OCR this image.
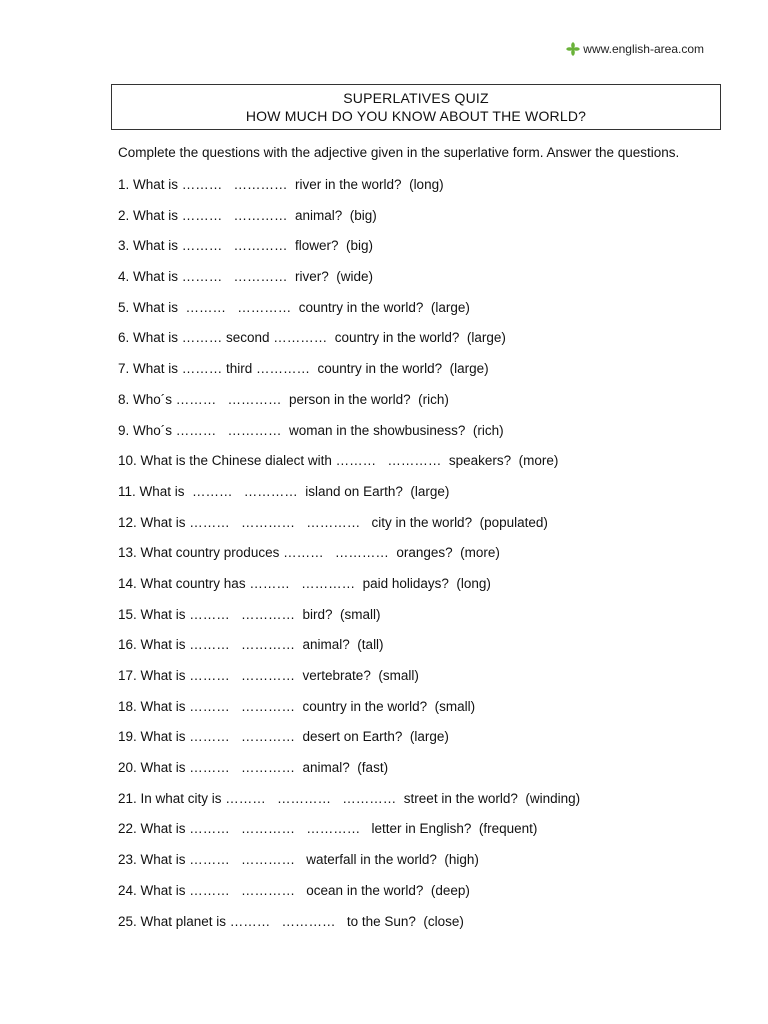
www.english-area.com
SUPERLATIVES QUIZ
HOW MUCH DO YOU KNOW ABOUT THE WORLD?
Complete the questions with the adjective given in the superlative form. Answer the questions.
1. What is ………   …………  river in the world?  (long)
2. What is ………   …………  animal?  (big)
3. What is ………   …………  flower?  (big)
4. What is ………   …………  river?  (wide)
5. What is  ………   …………  country in the world?  (large)
6. What is ……… second …………  country in the world?  (large)
7. What is ……… third …………  country in the world?  (large)
8. Who´s ………   …………  person in the world?  (rich)
9. Who´s ………   …………  woman in the showbusiness?  (rich)
10. What is the Chinese dialect with ………   …………  speakers?  (more)
11. What is  ………   …………  island on Earth?  (large)
12. What is ………   …………   …………   city in the world?  (populated)
13. What country produces ………   …………  oranges?  (more)
14. What country has ………   …………  paid holidays?  (long)
15. What is ………   …………  bird?  (small)
16. What is ………   …………  animal?  (tall)
17. What is ………   …………  vertebrate?  (small)
18. What is ………   …………  country in the world?  (small)
19. What is ………   …………  desert on Earth?  (large)
20. What is ………   …………  animal?  (fast)
21. In what city is ………   …………   …………  street in the world?  (winding)
22. What is ………   …………   …………   letter in English?  (frequent)
23. What is ………   …………   waterfall in the world?  (high)
24. What is ………   …………   ocean in the world?  (deep)
25. What planet is ………   …………   to the Sun?  (close)
